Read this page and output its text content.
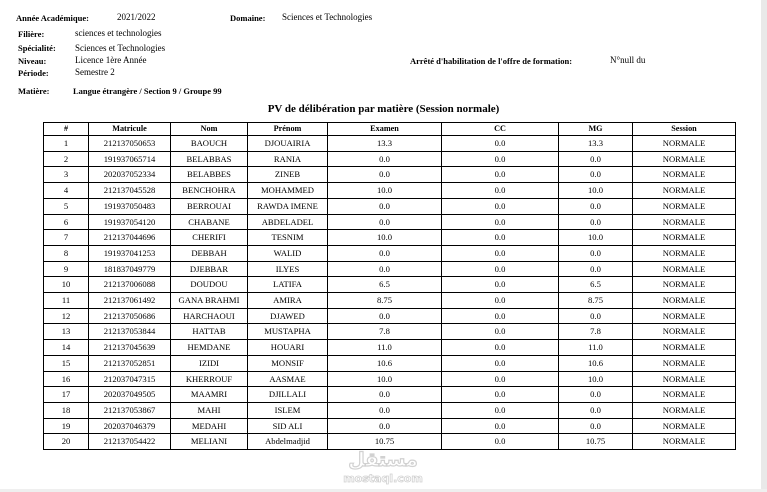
Année Académique:	2021/2022	Domaine: Sciences et Technologies
Filière:	sciences et technologies
Spécialité: Sciences et Technologies
Niveau:	Licence 1ère Année	Arrêté d'habilitation de l'offre de formation:	N°null du
Période:	Semestre 2
Matière:	Langue étrangère / Section 9 / Groupe 99
PV de délibération par matière (Session normale)
#	Matricule	Nom	Prénom	Examen	CC	MG	Session
1	212137050653	BAOUCH	DJOUAIRIA	13.3	0.0	13.3	NORMALE
2	191937065714	BELABBAS	RANIA	0.0	0.0	0.0	NORMALE
3	202037052334	BELABBES	ZINEB	0.0	0.0	0.0	NORMALE
4	212137045528	BENCHOHRA	MOHAMMED	10.0	0.0	10.0	NORMALE
5	191937050483	BERROUAI	RAWDA IMENE	0.0	0.0	0.0	NORMALE
6	191937054120	CHABANE	ABDELADEL	0.0	0.0	0.0	NORMALE
7	212137044696	CHERIFI	TESNIM	10.0	0.0	10.0	NORMALE
8	191937041253	DEBBAH	WALID	0.0	0.0	0.0	NORMALE
9	181837049779	DJEBBAR	ILYES	0.0	0.0	0.0	NORMALE
10	212137006088	DOUDOU	LATIFA	6.5	0.0	6.5	NORMALE
11	212137061492	GANA BRAHMI	AMIRA	8.75	0.0	8.75	NORMALE
12	212137050686	HARCHAOUI	DJAWED	0.0	0.0	0.0	NORMALE
13	212137053844	HATTAB	MUSTAPHA	7.8	0.0	7.8	NORMALE
14	212137045639	HEMDANE	HOUARI	11.0	0.0	11.0	NORMALE
15	212137052851	IZIDI	MONSIF	10.6	0.0	10.6	NORMALE
16	212037047315	KHERROUF	AASMAE	10.0	0.0	10.0	NORMALE
17	202037049505	MAAMRI	DJILLALI	0.0	0.0	0.0	NORMALE
18	212137053867	MAHI	ISLEM	0.0	0.0	0.0	NORMALE
19	202037046379	MEDAHI	SID ALI	0.0	0.0	0.0	NORMALE
20	212137054422	MELIANI	Abdelmadjid	10.75	0.0	10.75	NORMALE
مستقل
mostaql.com
